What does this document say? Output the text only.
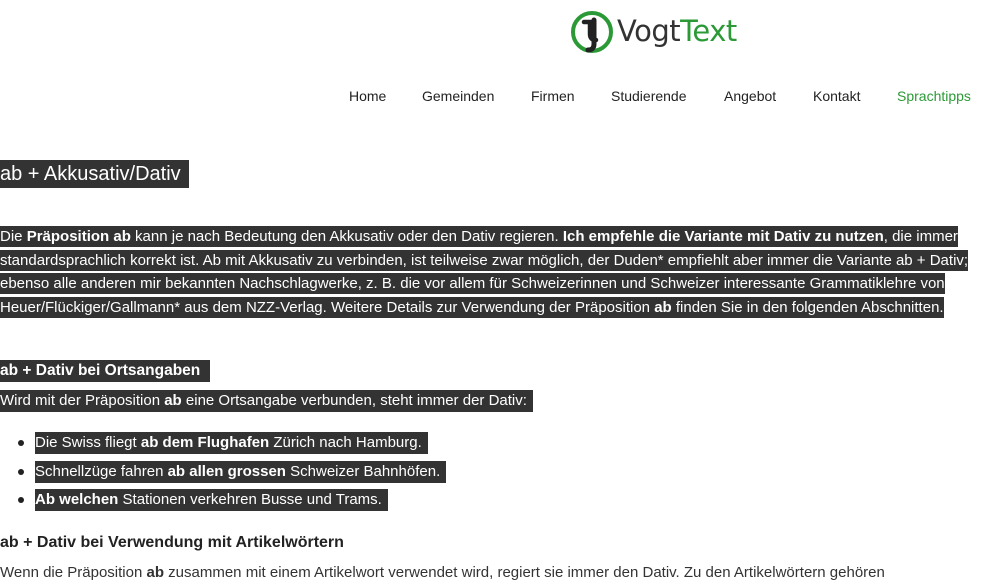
VogtText
Home	Gemeinden	Firmen	Studierende	Angebot	Kontakt	Sprachtipps
ab + Akkusativ/Dativ

Die Präposition ab kann je nach Bedeutung den Akkusativ oder den Dativ regieren. Ich empfehle die Variante mit Dativ zu nutzen, die immer standardsprachlich korrekt ist. Ab mit Akkusativ zu verbinden, ist teilweise zwar möglich, der Duden* empfiehlt aber immer die Variante ab + Dativ; ebenso alle anderen mir bekannten Nachschlagwerke, z. B. die vor allem für Schweizerinnen und Schweizer interessante Grammatiklehre von Heuer/Flückiger/Gallmann* aus dem NZZ-Verlag. Weitere Details zur Verwendung der Präposition ab finden Sie in den folgenden Abschnitten.

ab + Dativ bei Ortsangaben

Wird mit der Präposition ab eine Ortsangabe verbunden, steht immer der Dativ:

Die Swiss fliegt ab dem Flughafen Zürich nach Hamburg.
Schnellzüge fahren ab allen grossen Schweizer Bahnhöfen.
Ab welchen Stationen verkehren Busse und Trams.
ab + Dativ bei Verwendung mit Artikelwörtern

Wenn die Präposition ab zusammen mit einem Artikelwort verwendet wird, regiert sie immer den Dativ. Zu den Artikelwörtern gehören
